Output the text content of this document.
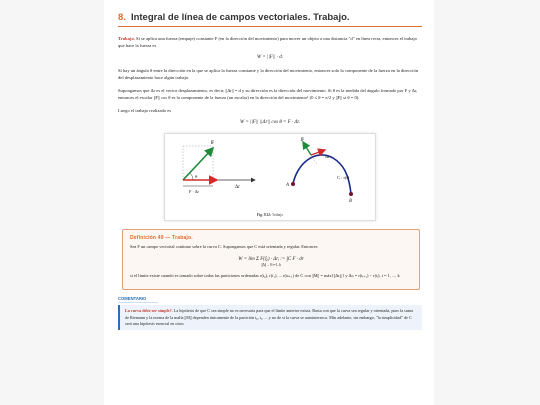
8. Integral de línea de campos vectoriales. Trabajo.

Trabajo. Si se aplica una fuerza (empuje) constante F (en la dirección del movimiento) para mover un objeto a una distancia "d" en línea recta, entonces el trabajo que hace la fuerza es

W = ||F|| · d.

Si hay un ángulo θ entre la dirección en la que se aplica la fuerza constante y la dirección del movimiento, entonces solo la componente de la fuerza en la dirección del desplazamiento hace algún trabajo.

Supongamos que Δr es el vector desplazamiento, es decir, ||Δr|| = d y su dirección es la dirección del movimiento. Si θ es la medida del ángulo formado por F y Δr, entonces el escalar ||F|| cos θ es la componente de la fuerza (un escalar) en la dirección del movimiento¹ (0 ≤ θ = π/2 y ||F|| si θ = 0).

Luego el trabajo realizado es

W = ||F|| ||Δr|| cos θ = F · Δr.
F
θ
F · Δr
Δr
F
Δr
C : r(t)
A
B
Fig. 9.32: Trabajo
Definición 49 — Trabajo.

Sea F un campo vectorial continuo sobre la curva C. Supongamos que C está orientada y regular. Entonces

W = lím Σ F(ξᵢ) · Δrᵢ := ∫C F · dr
||Δ||→0 i=1..k

si el límite existe cuando es tomado sobre todas las particiones ordenadas r(t₀), r(t₁), ... r(tₖ₊₁) de C con ||M|| = máx{||Δrᵢ||} y Δrᵢ = r(tᵢ₊₁) − r(tᵢ), i = 1, ..., k

COMENTARIO
La curva debe ser simple?. La hipótesis de que C sea simple no es necesaria para que el límite anterior exista. Basta con que la curva sea regular y orientada, pues la suma de Riemann y la norma de la malla ||M|| dependen únicamente de la partición t₀, t₁, ... y no de si la curva se autointerseca. Más adelante, sin embargo, "la simplicidad" de C será una hipótesis esencial en otros
